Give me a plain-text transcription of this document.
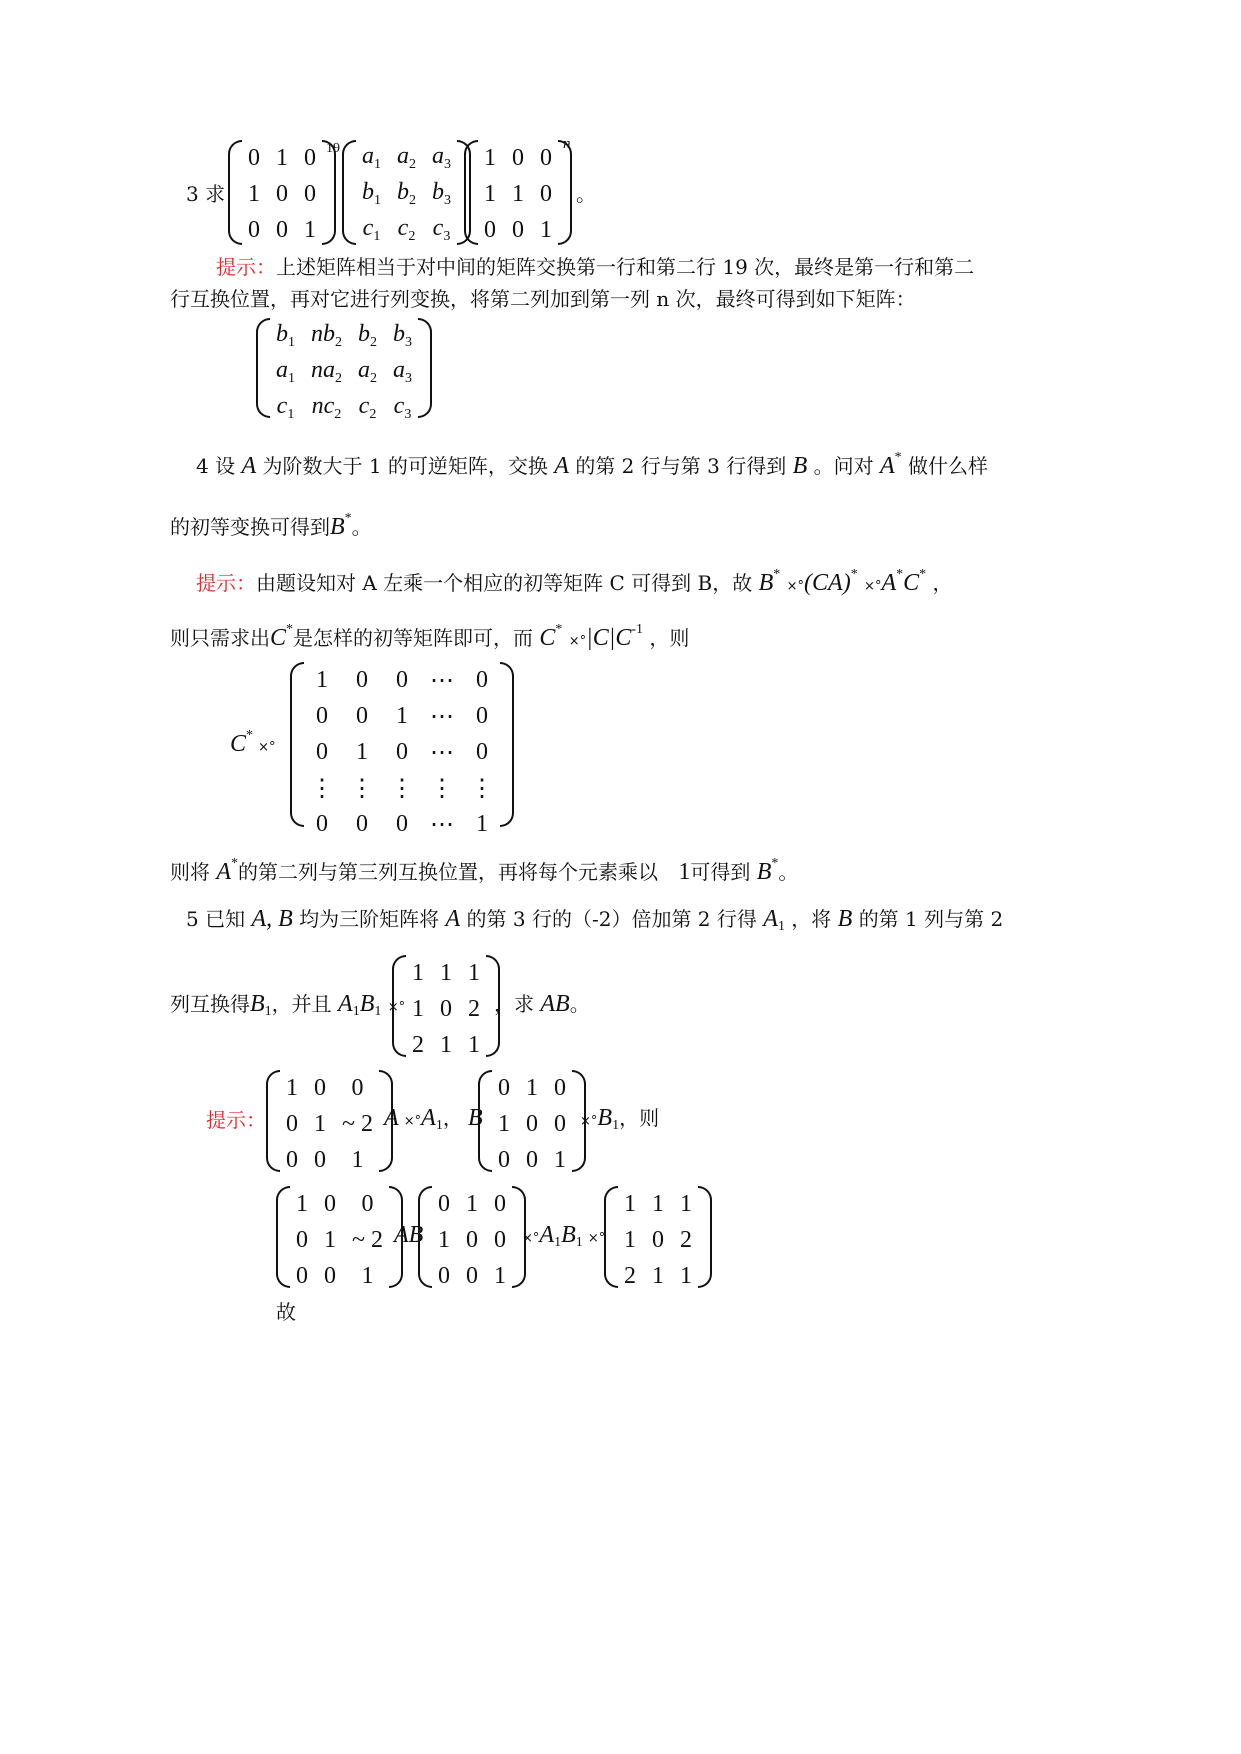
3 求
0	1	0
1	0	0
0	0	1
$^{19}$ $a_1$	$a_2$	$a_3$
$b_1$	$b_2$	$b_3$
$c_1$	$c_2$	$c_3$
1	0	0
1	1	0
0	0	1
$^n$
。
提示：上述矩阵相当于对中间的矩阵交换第一行和第二行 19 次，最终是第一行和第二
行互换位置，再对它进行列变换，将第二列加到第一列 n 次，最终可得到如下矩阵：
$b_1$	$nb_2$	$b_2$	$b_3$
$a_1$	$na_2$	$a_2$	$a_3$
$c_1$	$nc_2$	$c_2$	$c_3$
4 设 A 为阶数大于 1 的可逆矩阵，交换 A 的第 2 行与第 3 行得到 B 。问对 A* 做什么样
的初等变换可得到B*。
提示：由题设知对 A 左乘一个相应的初等矩阵 C 可得到 B，故 B* ×°(CA)* ×°A*C* ，
则只需求出C*是怎样的初等矩阵即可，而 $C^* \times^\circ|C|C^{-1}$ ，则
C* ×°
1	0	0	⋯	0
0	0	1	⋯	0
0	1	0	⋯	0
⋮	⋮	⋮	⋮	⋮
0	0	0	⋯	1
则将 A*的第二列与第三列互换位置，再将每个元素乘以 1可得到 B*。
5 已知 A, B 均为三阶矩阵将 A 的第 3 行的（-2）倍加第 2 行得 $A_1$ ，将 B 的第 1 列与第 2
列互换得$B_1$，并且 $A_1B_1$ ×°
1	1	1
1	0	2
2	1	1
，求 AB。
提示：
1	0	0
0	1	~ 2
0	0	1
$A \times^\circ A_1$， B
0	1	0
1	0	0
0	0	1
$\times^\circ B_1$，则
1	0	0
0	1	~ 2
0	0	1
AB
0	1	0
1	0	0
0	0	1
$\times^\circ A_1B_1$ ×°
1	1	1
1	0	2
2	1	1
故
